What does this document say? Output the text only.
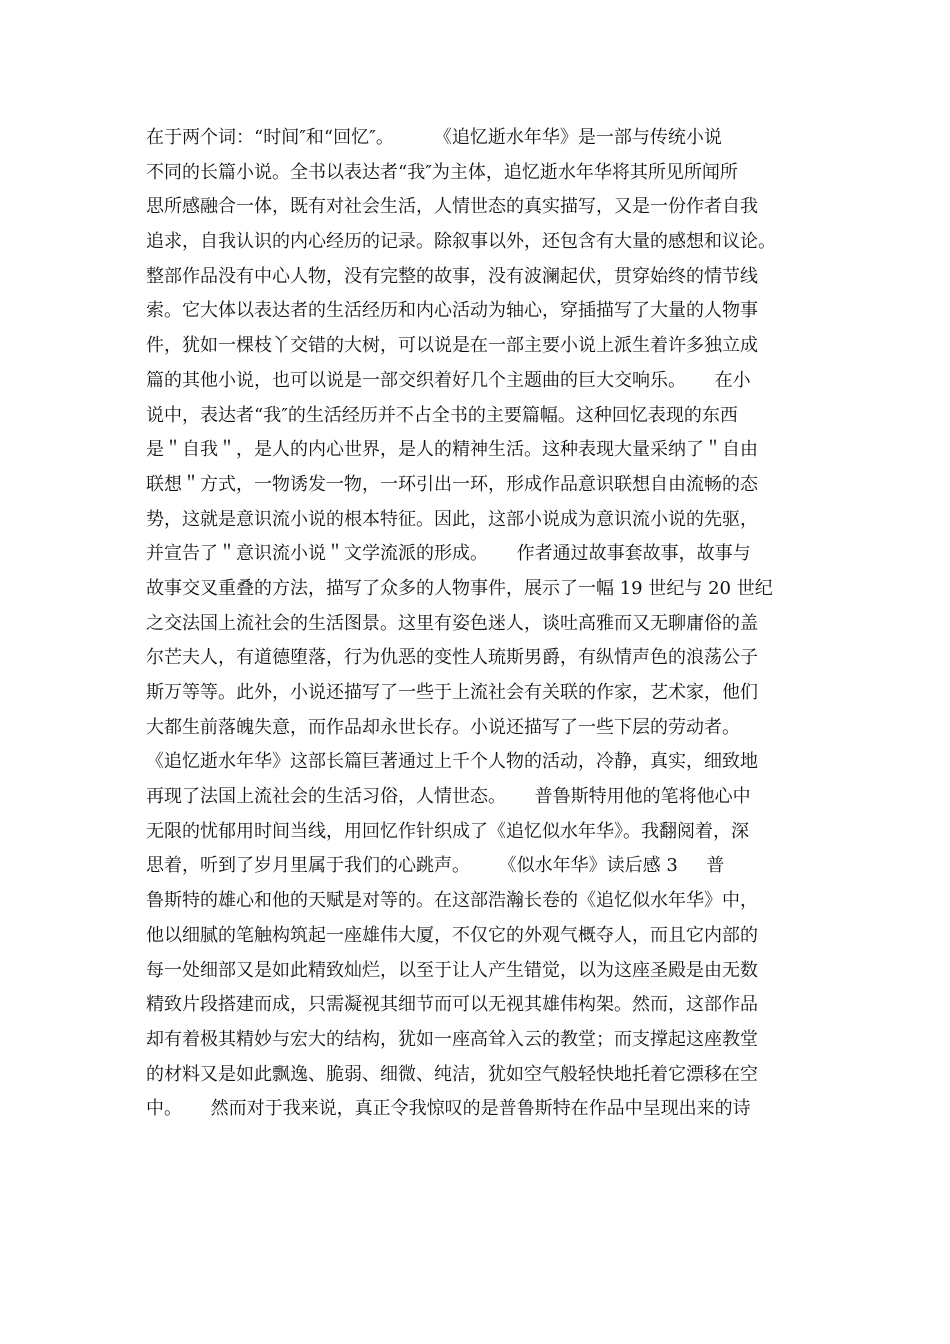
在于两个词：“时间″和“回忆″。       《追忆逝水年华》是一部与传统小说
不同的长篇小说。全书以表达者“我″为主体，追忆逝水年华将其所见所闻所
思所感融合一体，既有对社会生活，人情世态的真实描写，又是一份作者自我
追求，自我认识的内心经历的记录。除叙事以外，还包含有大量的感想和议论。
整部作品没有中心人物，没有完整的故事，没有波澜起伏，贯穿始终的情节线
索。它大体以表达者的生活经历和内心活动为轴心，穿插描写了大量的人物事
件，犹如一棵枝丫交错的大树，可以说是在一部主要小说上派生着许多独立成
篇的其他小说，也可以说是一部交织着好几个主题曲的巨大交响乐。     在小
说中，表达者“我″的生活经历并不占全书的主要篇幅。这种回忆表现的东西
是＂自我＂，是人的内心世界，是人的精神生活。这种表现大量采纳了＂自由
联想＂方式，一物诱发一物，一环引出一环，形成作品意识联想自由流畅的态
势，这就是意识流小说的根本特征。因此，这部小说成为意识流小说的先驱，
并宣告了＂意识流小说＂文学流派的形成。     作者通过故事套故事，故事与
故事交叉重叠的方法，描写了众多的人物事件，展示了一幅 19 世纪与 20 世纪
之交法国上流社会的生活图景。这里有姿色迷人，谈吐高雅而又无聊庸俗的盖
尔芒夫人，有道德堕落，行为仇恶的变性人琉斯男爵，有纵情声色的浪荡公子
斯万等等。此外，小说还描写了一些于上流社会有关联的作家，艺术家，他们
大都生前落魄失意，而作品却永世长存。小说还描写了一些下层的劳动者。
《追忆逝水年华》这部长篇巨著通过上千个人物的活动，冷静，真实，细致地
再现了法国上流社会的生活习俗，人情世态。     普鲁斯特用他的笔将他心中
无限的忧郁用时间当线，用回忆作针织成了《追忆似水年华》。我翻阅着，深
思着，听到了岁月里属于我们的心跳声。     《似水年华》读后感 3     普
鲁斯特的雄心和他的天赋是对等的。在这部浩瀚长卷的《追忆似水年华》中，
他以细腻的笔触构筑起一座雄伟大厦，不仅它的外观气概夺人，而且它内部的
每一处细部又是如此精致灿烂，以至于让人产生错觉，以为这座圣殿是由无数
精致片段搭建而成，只需凝视其细节而可以无视其雄伟构架。然而，这部作品
却有着极其精妙与宏大的结构，犹如一座高耸入云的教堂；而支撑起这座教堂
的材料又是如此飘逸、脆弱、细微、纯洁，犹如空气般轻快地托着它漂移在空
中。     然而对于我来说，真正令我惊叹的是普鲁斯特在作品中呈现出来的诗
